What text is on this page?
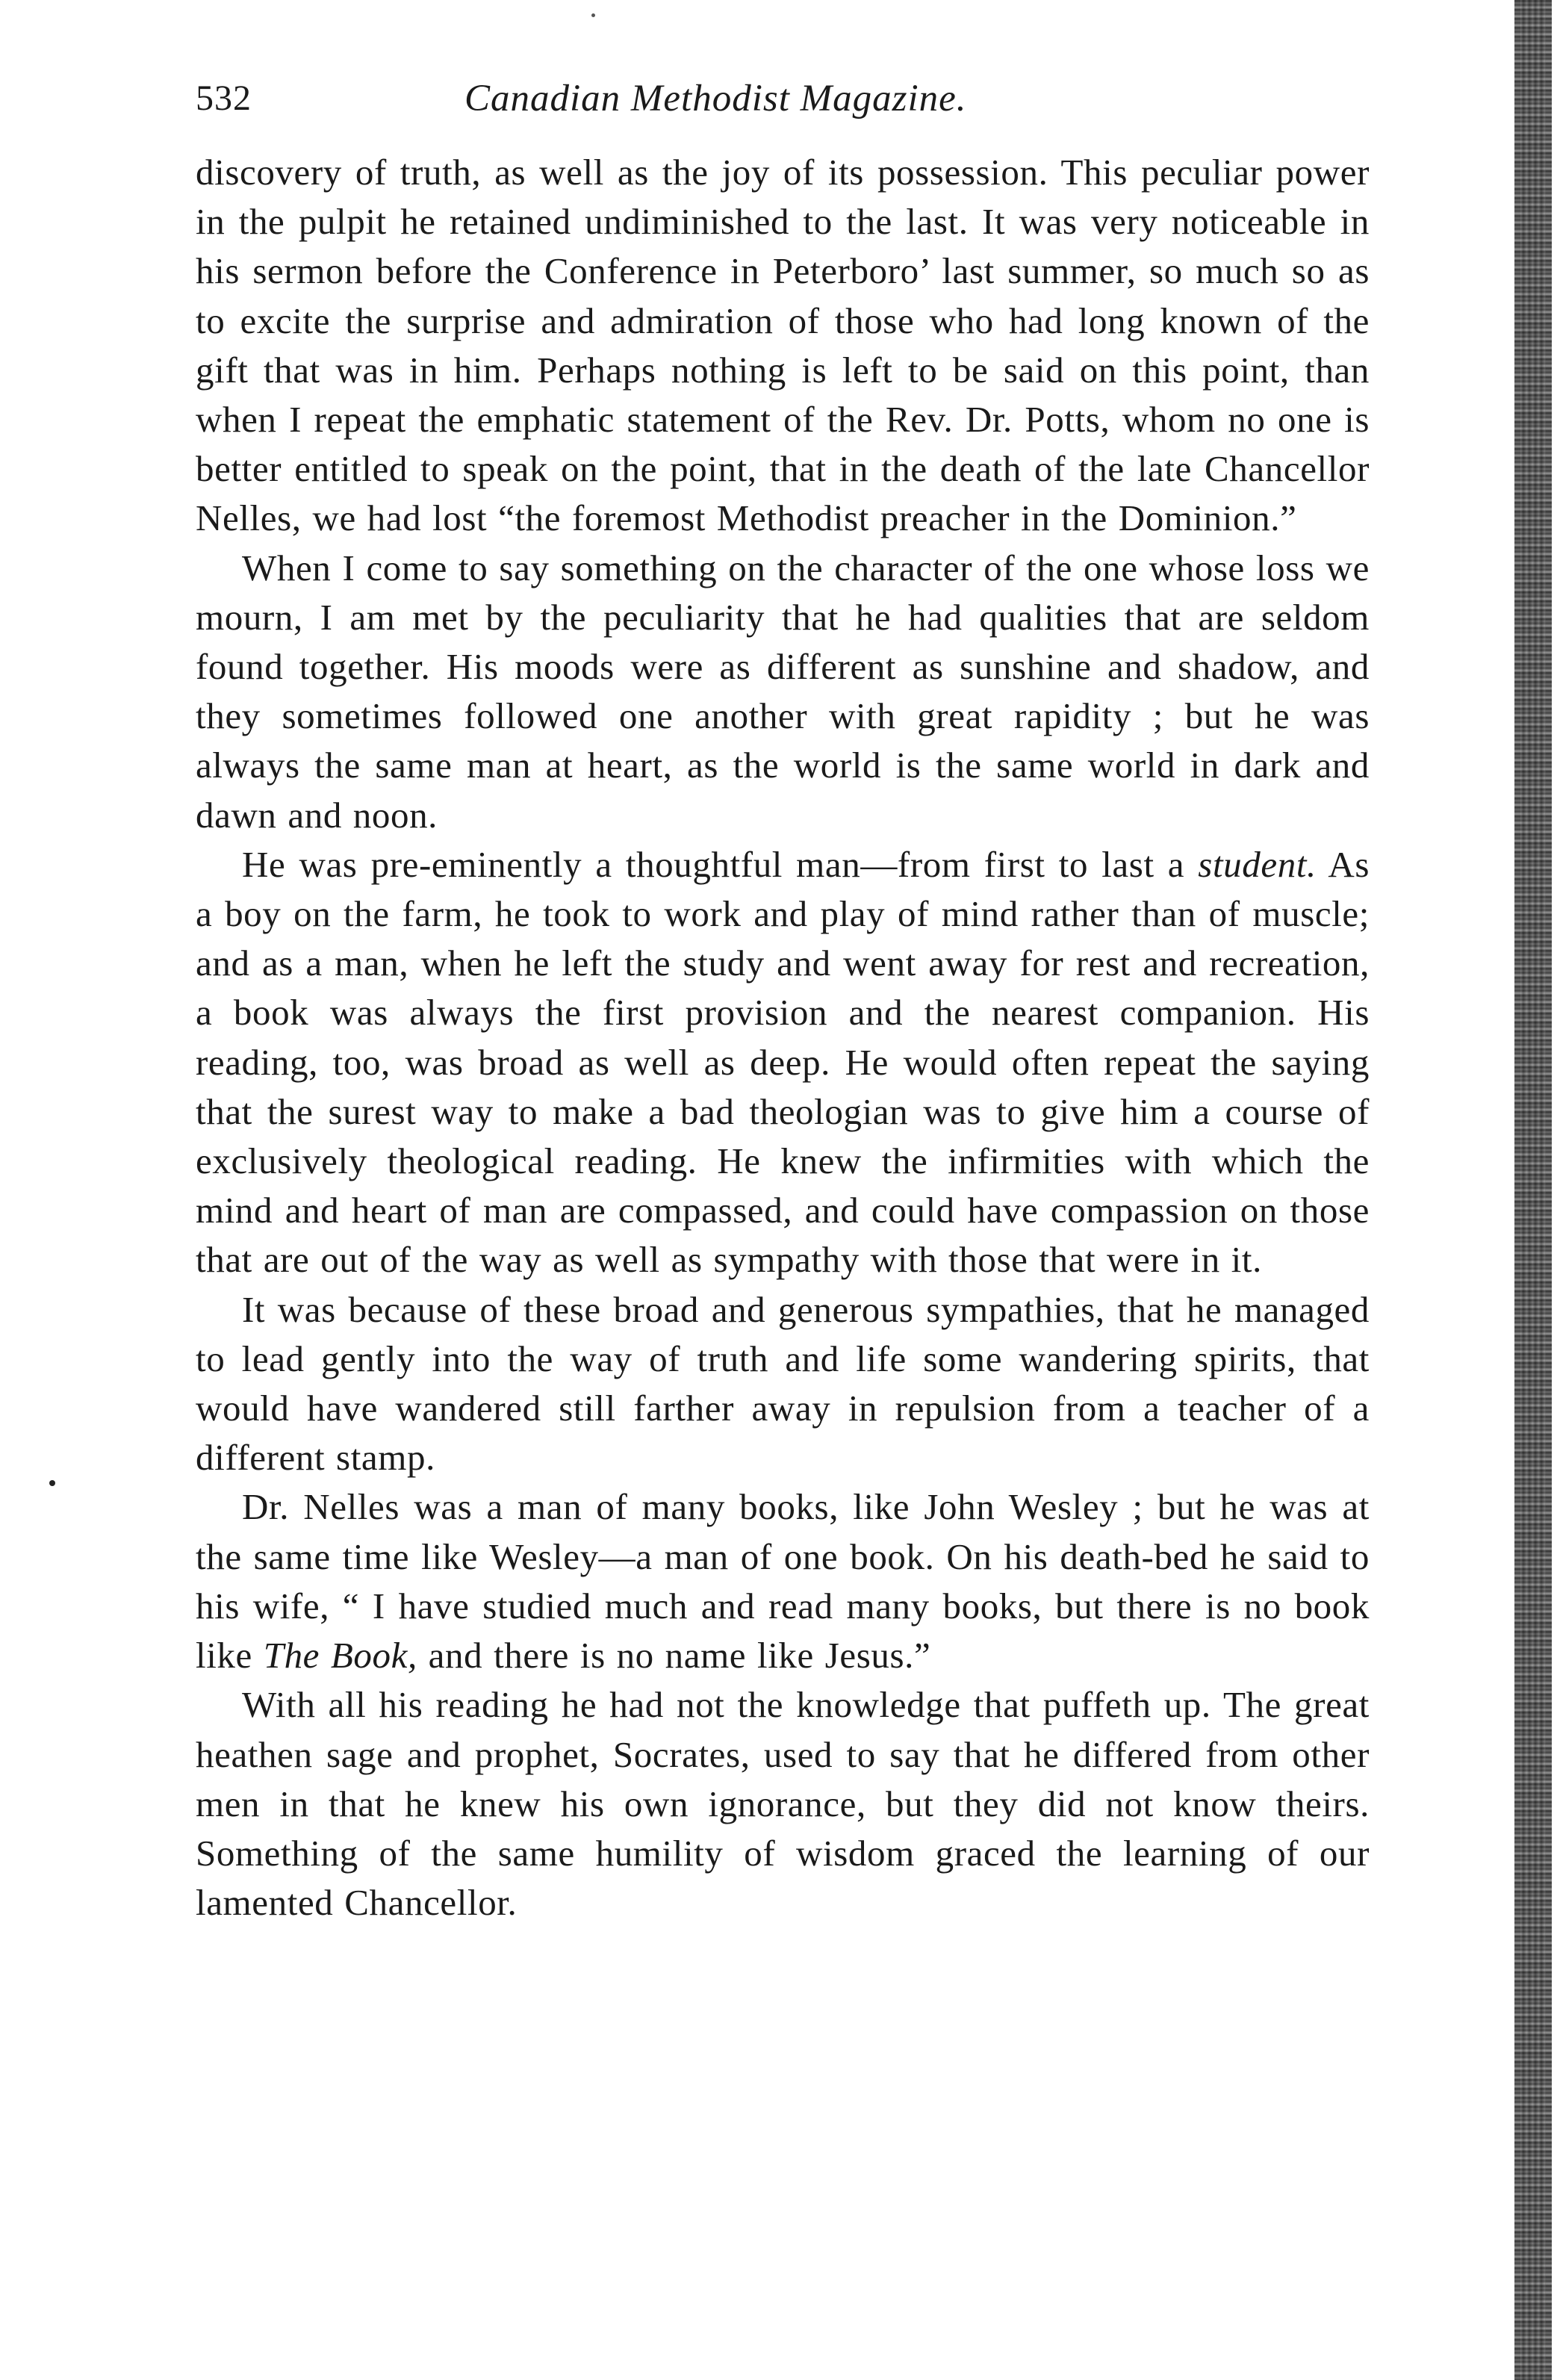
532	Canadian Methodist Magazine.

discovery of truth, as well as the joy of its possession. This peculiar power in the pulpit he retained undiminished to the last. It was very noticeable in his sermon before the Conference in Peterboro’ last summer, so much so as to excite the surprise and admiration of those who had long known of the gift that was in him. Perhaps nothing is left to be said on this point, than when I repeat the emphatic statement of the Rev. Dr. Potts, whom no one is better entitled to speak on the point, that in the death of the late Chancellor Nelles, we had lost “the foremost Methodist preacher in the Dominion.”

When I come to say something on the character of the one whose loss we mourn, I am met by the peculiarity that he had qualities that are seldom found together. His moods were as different as sunshine and shadow, and they sometimes followed one another with great rapidity ; but he was always the same man at heart, as the world is the same world in dark and dawn and noon.

He was pre-eminently a thoughtful man—from first to last a student. As a boy on the farm, he took to work and play of mind rather than of muscle; and as a man, when he left the study and went away for rest and recreation, a book was always the first provision and the nearest companion. His reading, too, was broad as well as deep. He would often repeat the saying that the surest way to make a bad theologian was to give him a course of exclusively theological reading. He knew the infirmities with which the mind and heart of man are compassed, and could have compassion on those that are out of the way as well as sympathy with those that were in it.

It was because of these broad and generous sympathies, that he managed to lead gently into the way of truth and life some wandering spirits, that would have wandered still farther away in repulsion from a teacher of a different stamp.

Dr. Nelles was a man of many books, like John Wesley ; but he was at the same time like Wesley—a man of one book. On his death-bed he said to his wife, “ I have studied much and read many books, but there is no book like The Book, and there is no name like Jesus.”

With all his reading he had not the knowledge that puffeth up. The great heathen sage and prophet, Socrates, used to say that he differed from other men in that he knew his own ignorance, but they did not know theirs. Something of the same humility of wisdom graced the learning of our lamented Chancellor.
